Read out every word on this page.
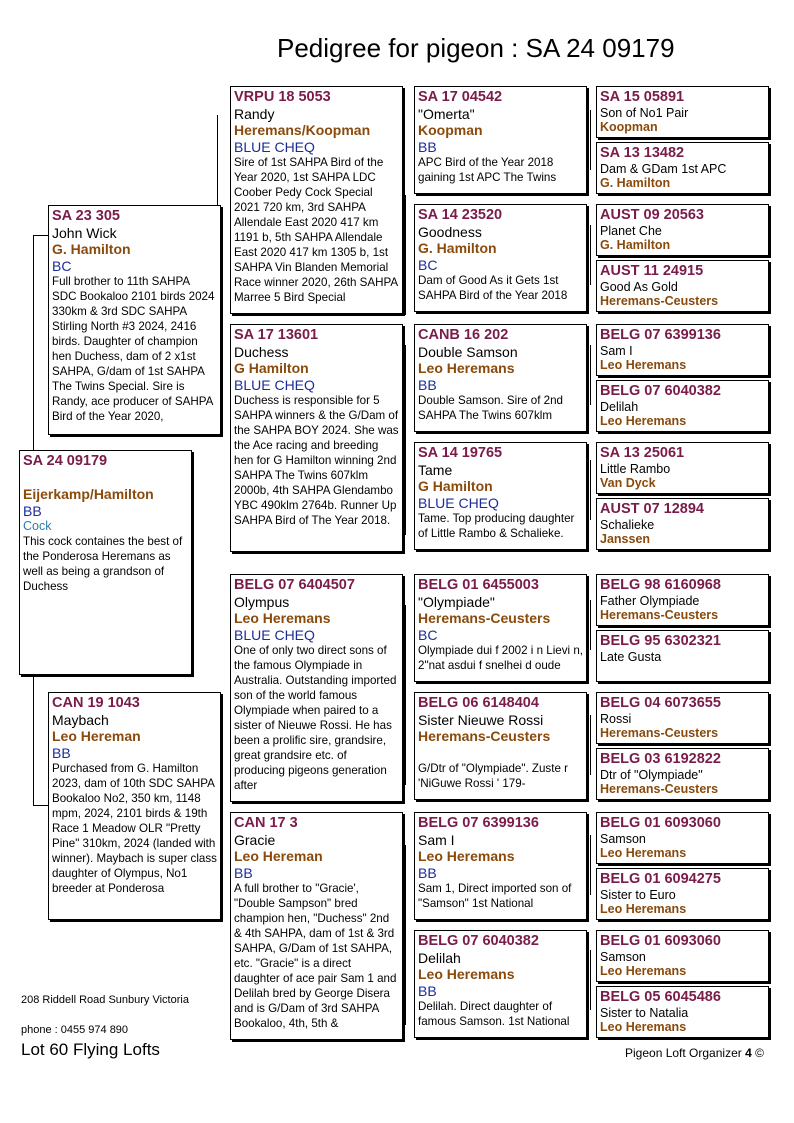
Pedigree for pigeon : SA 24 09179
SA 24 09179
Eijerkamp/Hamilton
BB
Cock
This cock containes the best of the Ponderosa Heremans as well as being a grandson of Duchess
SA 23 305
John Wick
G. Hamilton
BC
Full brother to 11th SAHPA SDC Bookaloo 2101 birds 2024 330km & 3rd SDC SAHPA Stirling North #3 2024, 2416 birds. Daughter of champion hen Duchess, dam of 2 x1st SAHPA, G/dam of 1st SAHPA The Twins Special. Sire is Randy, ace producer of SAHPA Bird of the Year 2020,
CAN 19 1043
Maybach
Leo Hereman
BB
Purchased from G. Hamilton 2023, dam of 10th SDC SAHPA Bookaloo No2, 350 km, 1148 mpm, 2024, 2101 birds & 19th Race 1 Meadow OLR "Pretty Pine" 310km, 2024 (landed with winner). Maybach is super class daughter of Olympus, No1 breeder at Ponderosa
VRPU 18 5053
Randy
Heremans/Koopman
BLUE CHEQ
Sire of 1st SAHPA Bird of the Year 2020, 1st SAHPA LDC Coober Pedy Cock Special 2021 720 km, 3rd SAHPA Allendale East 2020 417 km 1191 b, 5th SAHPA Allendale East 2020 417 km 1305 b, 1st SAHPA Vin Blanden Memorial Race winner 2020, 26th SAHPA Marree 5 Bird Special
SA 17 13601
Duchess
G Hamilton
BLUE CHEQ
Duchess is responsible for 5 SAHPA winners & the G/Dam of the SAHPA BOY 2024. She was the Ace racing and breeding hen for G Hamilton winning 2nd SAHPA The Twins 607klm 2000b, 4th SAHPA Glendambo YBC 490klm 2764b. Runner Up SAHPA Bird of The Year 2018.
BELG 07 6404507
Olympus
Leo Heremans
BLUE CHEQ
One of only two direct sons of the famous Olympiade in Australia. Outstanding imported son of the world famous Olympiade when paired to a sister of Nieuwe Rossi. He has been a prolific sire, grandsire, great grandsire etc. of producing pigeons generation after
CAN 17 3
Gracie
Leo Hereman
BB
A full brother to "Gracie', "Double Sampson" bred champion hen, "Duchess" 2nd & 4th SAHPA, dam of 1st & 3rd SAHPA, G/Dam of 1st SAHPA, etc. "Gracie" is a direct daughter of ace pair Sam 1 and Delilah bred by George Disera and is G/Dam of 3rd SAHPA Bookaloo, 4th, 5th &
SA 17 04542
"Omerta"
Koopman
BB
APC Bird of the Year 2018 gaining 1st APC The Twins
SA 14 23520
Goodness
G. Hamilton
BC
Dam of Good As it Gets 1st SAHPA Bird of the Year 2018
CANB 16 202
Double Samson
Leo Heremans
BB
Double Samson. Sire of 2nd SAHPA The Twins 607klm
SA 14 19765
Tame
G Hamilton
BLUE CHEQ
Tame. Top producing daughter of Little Rambo & Schalieke.
BELG 01 6455003
"Olympiade"
Heremans-Ceusters
BC
Olympiade dui f 2002 i n Lievi n, 2"nat asdui f snelhei d oude
BELG 06 6148404
Sister Nieuwe Rossi
Heremans-Ceusters
G/Dtr of "Olympiade". Zuste r 'NiGuwe Rossi ' 179-
BELG 07 6399136
Sam I
Leo Heremans
BB
Sam 1, Direct imported son of "Samson" 1st National
BELG 07 6040382
Delilah
Leo Heremans
BB
Delilah. Direct daughter of famous Samson. 1st National
SA 15 05891
Son of No1 Pair
Koopman
SA 13 13482
Dam & GDam 1st APC
G. Hamilton
AUST 09 20563
Planet Che
G. Hamilton
AUST 11 24915
Good As Gold
Heremans-Ceusters
BELG 07 6399136
Sam I
Leo Heremans
BELG 07 6040382
Delilah
Leo Heremans
SA 13 25061
Little Rambo
Van Dyck
AUST 07 12894
Schalieke
Janssen
BELG 98 6160968
Father Olympiade
Heremans-Ceusters
BELG 95 6302321
Late Gusta
BELG 04 6073655
Rossi
Heremans-Ceusters
BELG 03 6192822
Dtr of "Olympiade"
Heremans-Ceusters
BELG 01 6093060
Samson
Leo Heremans
BELG 01 6094275
Sister to Euro
Leo Heremans
BELG 01 6093060
Samson
Leo Heremans
BELG 05 6045486
Sister to Natalia
Leo Heremans
208 Riddell Road Sunbury Victoria
phone : 0455 974 890
Lot 60 Flying Lofts	Pigeon Loft Organizer 4 ©
